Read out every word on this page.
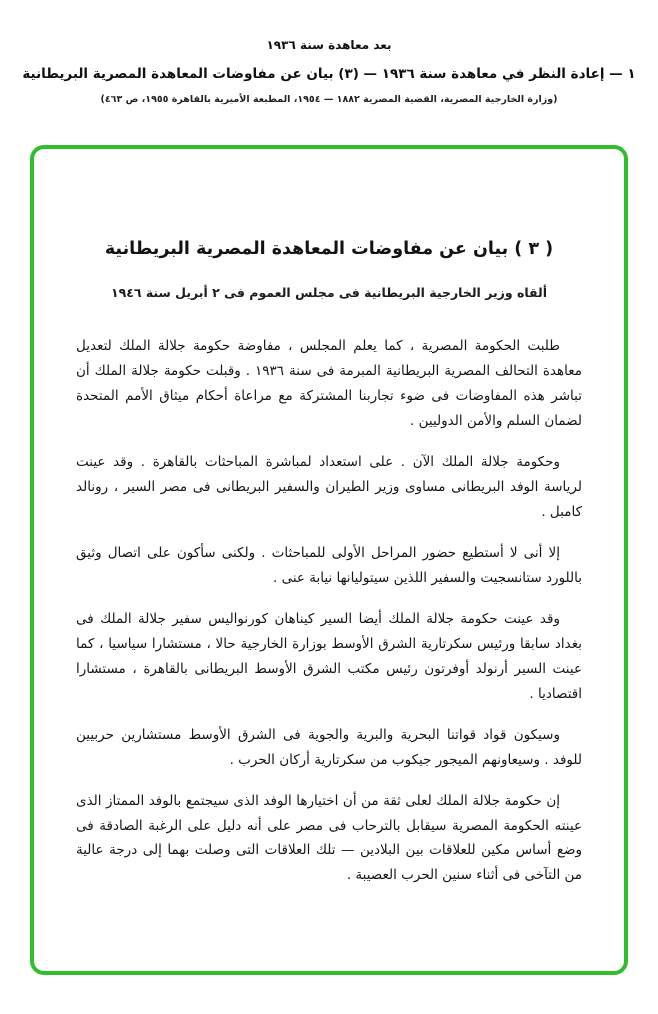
بعد معاهدة سنة ١٩٣٦
١ — إعادة النظر في معاهدة سنة ١٩٣٦ — (٣) بيان عن مفاوضات المعاهدة المصرية البريطانية
(وزارة الخارجية المصرية، القضية المصرية ١٨٨٢ — ١٩٥٤، المطبعة الأميرية بالقاهرة ١٩٥٥، ص ٤٦٣)
( ٣ ) بيان عن مفاوضات المعاهدة المصرية البريطانية
ألقاه وزير الخارجية البريطانية فى مجلس العموم فى ٢ أبريل سنة ١٩٤٦

طلبت الحكومة المصرية ، كما يعلم المجلس ، مفاوضة حكومة جلالة الملك لتعديل معاهدة التحالف المصرية البريطانية المبرمة فى سنة ١٩٣٦ . وقبلت حكومة جلالة الملك أن تباشر هذه المفاوضات فى ضوء تجاربنا المشتركة مع مراعاة أحكام ميثاق الأمم المتحدة لضمان السلم والأمن الدوليين .

وحكومة جلالة الملك الآن . على استعداد لمباشرة المباحثات بالقاهرة . وقد عينت لرياسة الوفد البريطانى مساوى وزير الطيران والسفير البريطانى فى مصر السير ، رونالد كامبل .

إلا أنى لا أستطيع حضور المراحل الأولى للمباحثات . ولكنى سأكون على اتصال وثيق باللورد ستانسجيت والسفير اللذين سيتوليانها نيابة عنى .

وقد عينت حكومة جلالة الملك أيضا السير كيناهان كورنواليس سفير جلالة الملك فى بغداد سابقا ورئيس سكرتارية الشرق الأوسط بوزارة الخارجية حالا ، مستشارا سياسيا ، كما عينت السير أرنولد أوفرتون رئيس مكتب الشرق الأوسط البريطانى بالقاهرة ، مستشارا اقتصاديا .

وسيكون قواد قواتنا البحرية والبرية والجوية فى الشرق الأوسط مستشارين حربيين للوفد . وسيعاونهم الميجور جيكوب من سكرتارية أركان الحرب .

إن حكومة جلالة الملك لعلى ثقة من أن اختيارها الوفد الذى سيجتمع بالوفد الممتاز الذى عينته الحكومة المصرية سيقابل بالترحاب فى مصر على أنه دليل على الرغبة الصادقة فى وضع أساس مكين للعلاقات بين البلادين — تلك العلاقات التى وصلت بهما إلى درجة عالية من التآخى فى أثناء سنين الحرب العصيبة .
